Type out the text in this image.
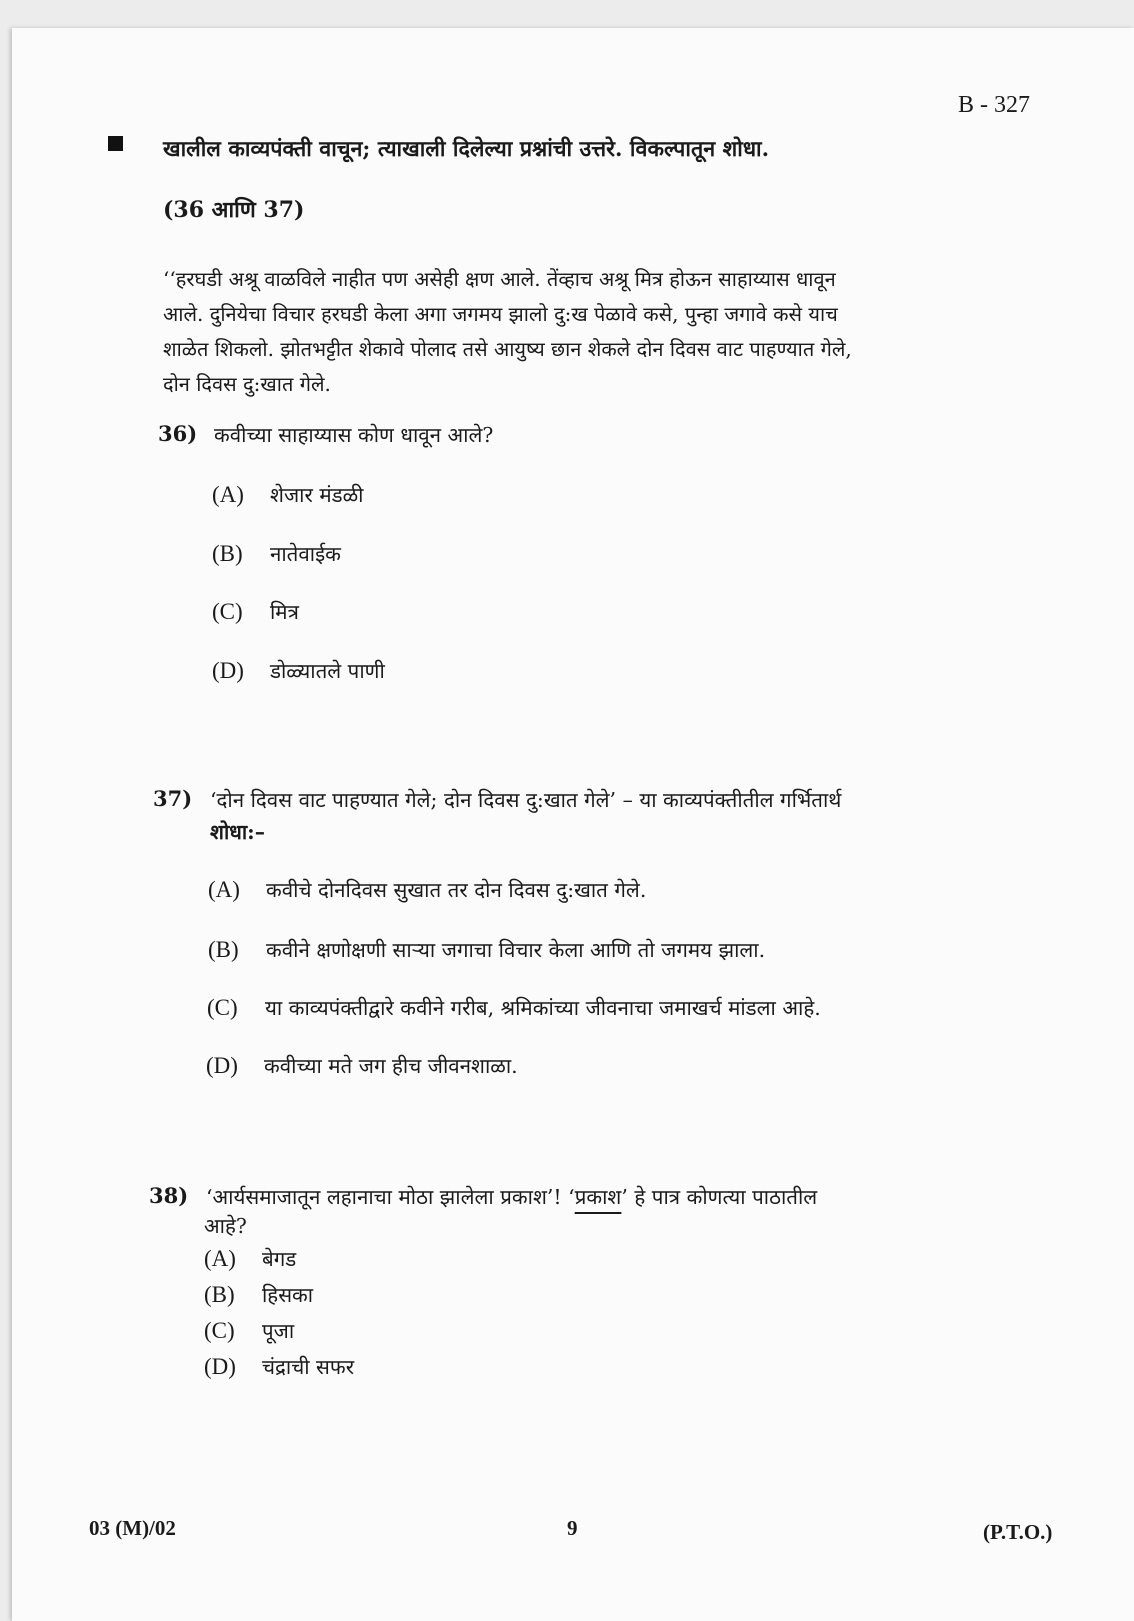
B - 327
खालील काव्यपंक्ती वाचून; त्याखाली दिलेल्या प्रश्नांची उत्तरे. विकल्पातून शोधा.
(36 आणि 37)
‘‘हरघडी अश्रू वाळविले नाहीत पण असेही क्षण आले. तेंव्हाच अश्रू मित्र होऊन साहाय्यास धावून
आले. दुनियेचा विचार हरघडी केला अगा जगमय झालो दु:ख पेळावे कसे, पुन्हा जगावे कसे याच
शाळेत शिकलो. झोतभट्टीत शेकावे पोलाद तसे आयुष्य छान शेकले दोन दिवस वाट पाहण्यात गेले,
दोन दिवस दु:खात गेले.
36) कवीच्या साहाय्यास कोण धावून आले?
(A) शेजार मंडळी
(B) नातेवाईक
(C) मित्र
(D) डोळ्यातले पाणी
37) ‘दोन दिवस वाट पाहण्यात गेले; दोन दिवस दु:खात गेले’ – या काव्यपंक्तीतील गर्भितार्थ
शोधा:–
(A) कवीचे दोनदिवस सुखात तर दोन दिवस दु:खात गेले.
(B) कवीने क्षणोक्षणी साऱ्या जगाचा विचार केला आणि तो जगमय झाला.
(C) या काव्यपंक्तीद्वारे कवीने गरीब, श्रमिकांच्या जीवनाचा जमाखर्च मांडला आहे.
(D) कवीच्या मते जग हीच जीवनशाळा.
38) ‘आर्यसमाजातून लहानाचा मोठा झालेला प्रकाश’! ‘प्रकाश’ हे पात्र कोणत्या पाठातील
आहे?
(A) बेगड
(B) हिसका
(C) पूजा
(D) चंद्राची सफर
03 (M)/02	9	(P.T.O.)
